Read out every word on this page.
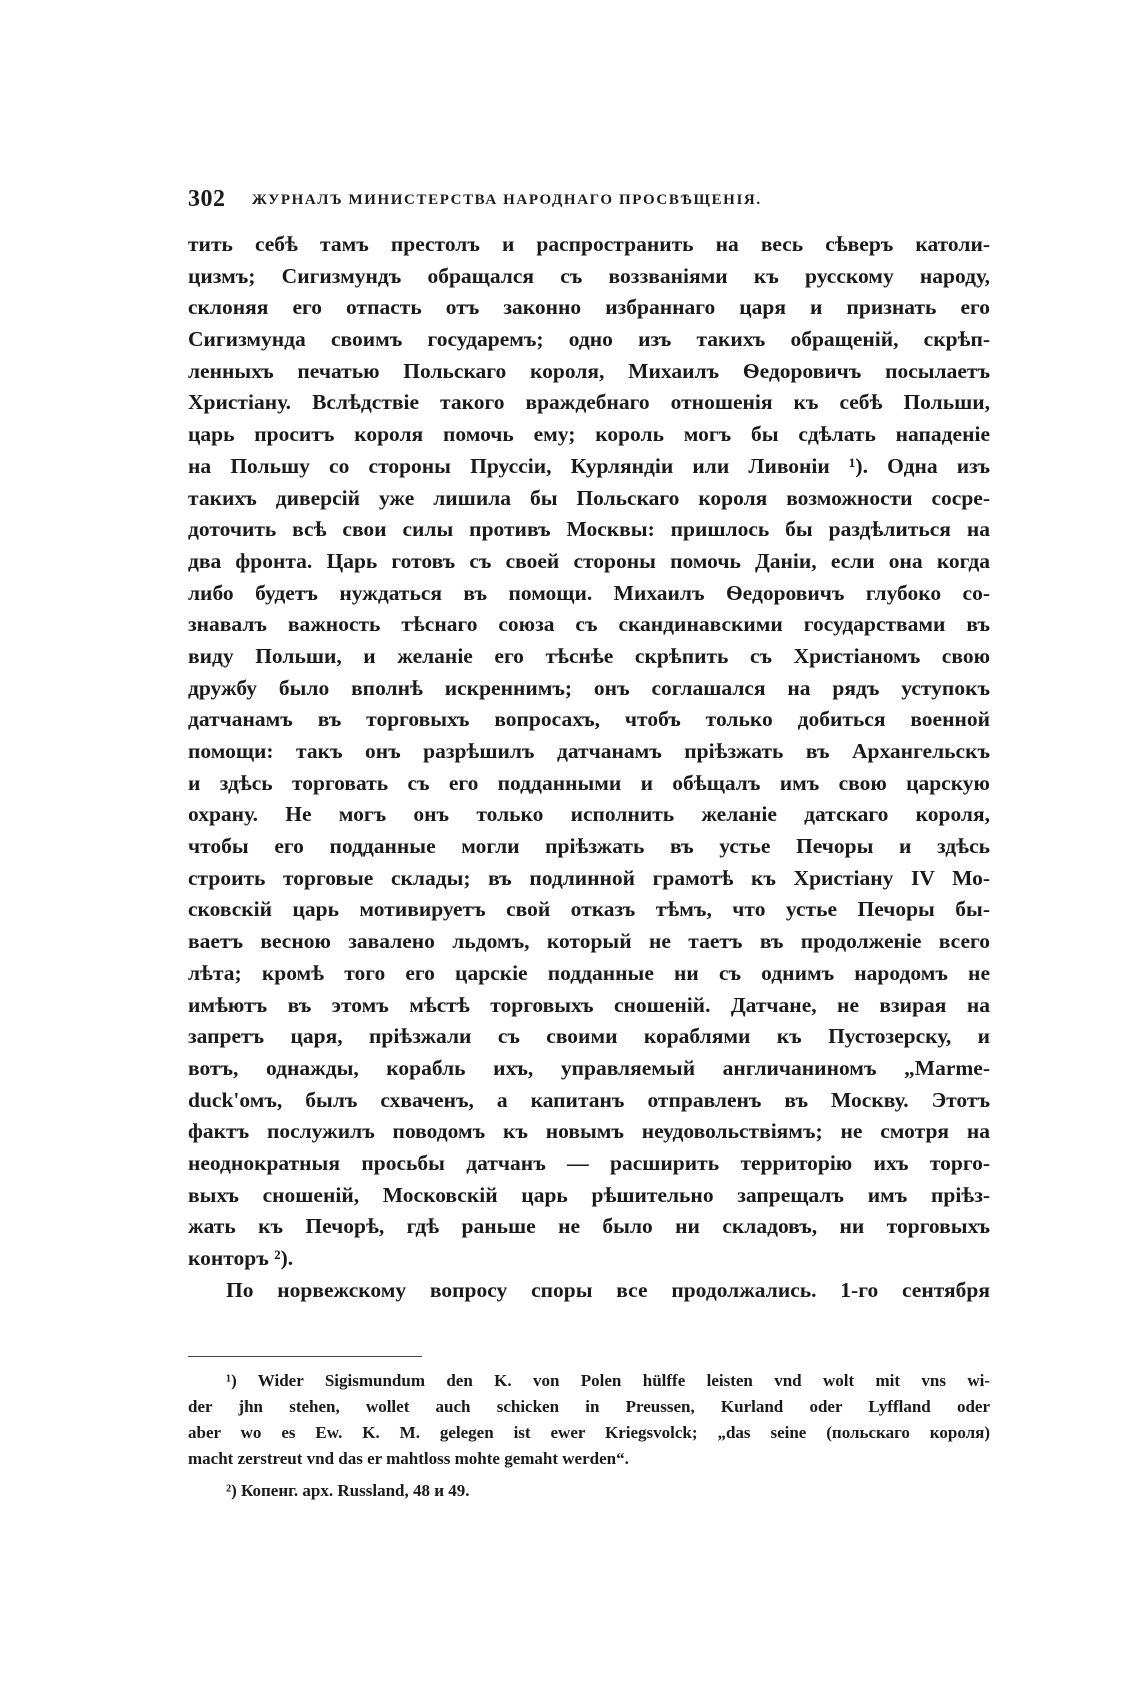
302 ЖУРНАЛЪ МИНИСТЕРСТВА НАРОДНАГО ПРОСВѢЩЕНІЯ.
тить себѣ тамъ престолъ и распространить на весь сѣверъ католи-
цизмъ; Сигизмундъ обращался съ воззваніями къ русскому народу,
склоняя его отпасть отъ законно избраннаго царя и признать его
Сигизмунда своимъ государемъ; одно изъ такихъ обращеній, скрѣп-
ленныхъ печатью Польскаго короля, Михаилъ Ѳедоровичъ посылаетъ
Христіану. Вслѣдствіе такого враждебнаго отношенія къ себѣ Польши,
царь проситъ короля помочь ему; король могъ бы сдѣлать нападеніе
на Польшу со стороны Пруссіи, Курляндіи или Ливоніи ¹). Одна изъ
такихъ диверсій уже лишила бы Польскаго короля возможности сосре-
доточить всѣ свои силы противъ Москвы: пришлось бы раздѣлиться на
два фронта. Царь готовъ съ своей стороны помочь Даніи, если она когда
либо будетъ нуждаться въ помощи. Михаилъ Ѳедоровичъ глубоко со-
знавалъ важность тѣснаго союза съ скандинавскими государствами въ
виду Польши, и желаніе его тѣснѣе скрѣпить съ Христіаномъ свою
дружбу было вполнѣ искреннимъ; онъ соглашался на рядъ уступокъ
датчанамъ въ торговыхъ вопросахъ, чтобъ только добиться военной
помощи: такъ онъ разрѣшилъ датчанамъ пріѣзжать въ Архангельскъ
и здѣсь торговать съ его подданными и обѣщалъ имъ свою царскую
охрану. Не могъ онъ только исполнить желаніе датскаго короля,
чтобы его подданные могли пріѣзжать въ устье Печоры и здѣсь
строить торговые склады; въ подлинной грамотѣ къ Христіану IV Мо-
сковскій царь мотивируетъ свой отказъ тѣмъ, что устье Печоры бы-
ваетъ весною завалено льдомъ, который не таетъ въ продолженіе всего
лѣта; кромѣ того его царскіе подданные ни съ однимъ народомъ не
имѣютъ въ этомъ мѣстѣ торговыхъ сношеній. Датчане, не взирая на
запретъ царя, пріѣзжали съ своими кораблями къ Пустозерску, и
вотъ, однажды, корабль ихъ, управляемый англичаниномъ „Marme-
duck'омъ, былъ схваченъ, а капитанъ отправленъ въ Москву. Этотъ
фактъ послужилъ поводомъ къ новымъ неудовольствіямъ; не смотря на
неоднократныя просьбы датчанъ — расширить территорію ихъ торго-
выхъ сношеній, Московскій царь рѣшительно запрещалъ имъ пріѣз-
жать къ Печорѣ, гдѣ раньше не было ни складовъ, ни торговыхъ
конторъ ²).
По норвежскому вопросу споры все продолжались. 1-го сентября
¹) Wider Sigismundum den K. von Polen hülffe leisten vnd wolt mit vns wi-
der jhn stehen, wollet auch schicken in Preussen, Kurland oder Lyffland oder
aber wo es Ew. K. M. gelegen ist ewer Kriegsvolck; „das seine (польскаго короля)
macht zerstreut vnd das er mahtloss mohte gemaht werden“.
²) Копенг. арх. Russland, 48 и 49.
